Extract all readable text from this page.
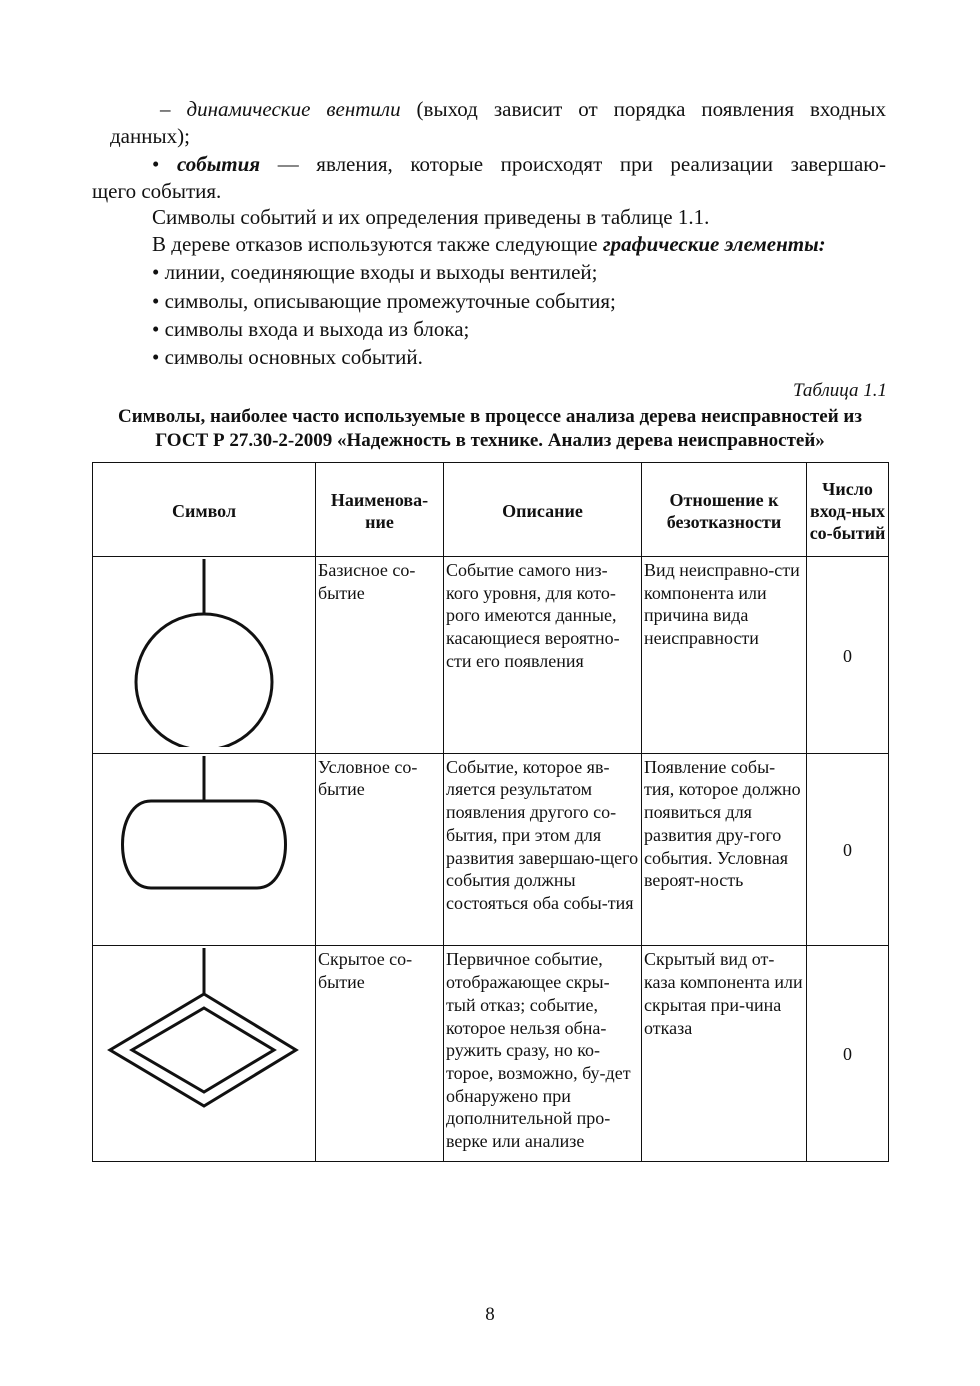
– динамические вентили (выход зависит от порядка появления входных
данных);
• события — явления, которые происходят при реализации завершаю-
щего события.
Символы событий и их определения приведены в таблице 1.1.
В дереве отказов используются также следующие графические элементы:
• линии, соединяющие входы и выходы вентилей;
• символы, описывающие промежуточные события;
• символы входа и выхода из блока;
• символы основных событий.
Таблица 1.1
Символы, наиболее часто используемые в процессе анализа дерева неисправностей из
ГОСТ Р 27.30-2-2009 «Надежность в технике. Анализ дерева неисправностей»
Символ	Наименова-ние	Описание	Отношение к безотказности	Число вход-ных со-бытий
	Базисное со-бытие	Событие самого низ-кого уровня, для кото-рого имеются данные, касающиеся вероятно-сти его появления	Вид неисправно-сти компонента или причина вида неисправности	0
	Условное со-бытие	Событие, которое яв-ляется результатом появления другого со-бытия, при этом для развития завершаю-щего события должны состояться оба собы-тия	Появление собы-тия, которое должно появиться для развития дру-гого события. Условная вероят-ность	0
	Скрытое со-бытие	Первичное событие, отображающее скры-тый отказ; событие, которое нельзя обна-ружить сразу, но ко-торое, возможно, бу-дет обнаружено при дополнительной про-верке или анализе	Скрытый вид от-каза компонента или скрытая при-чина отказа	0
8
